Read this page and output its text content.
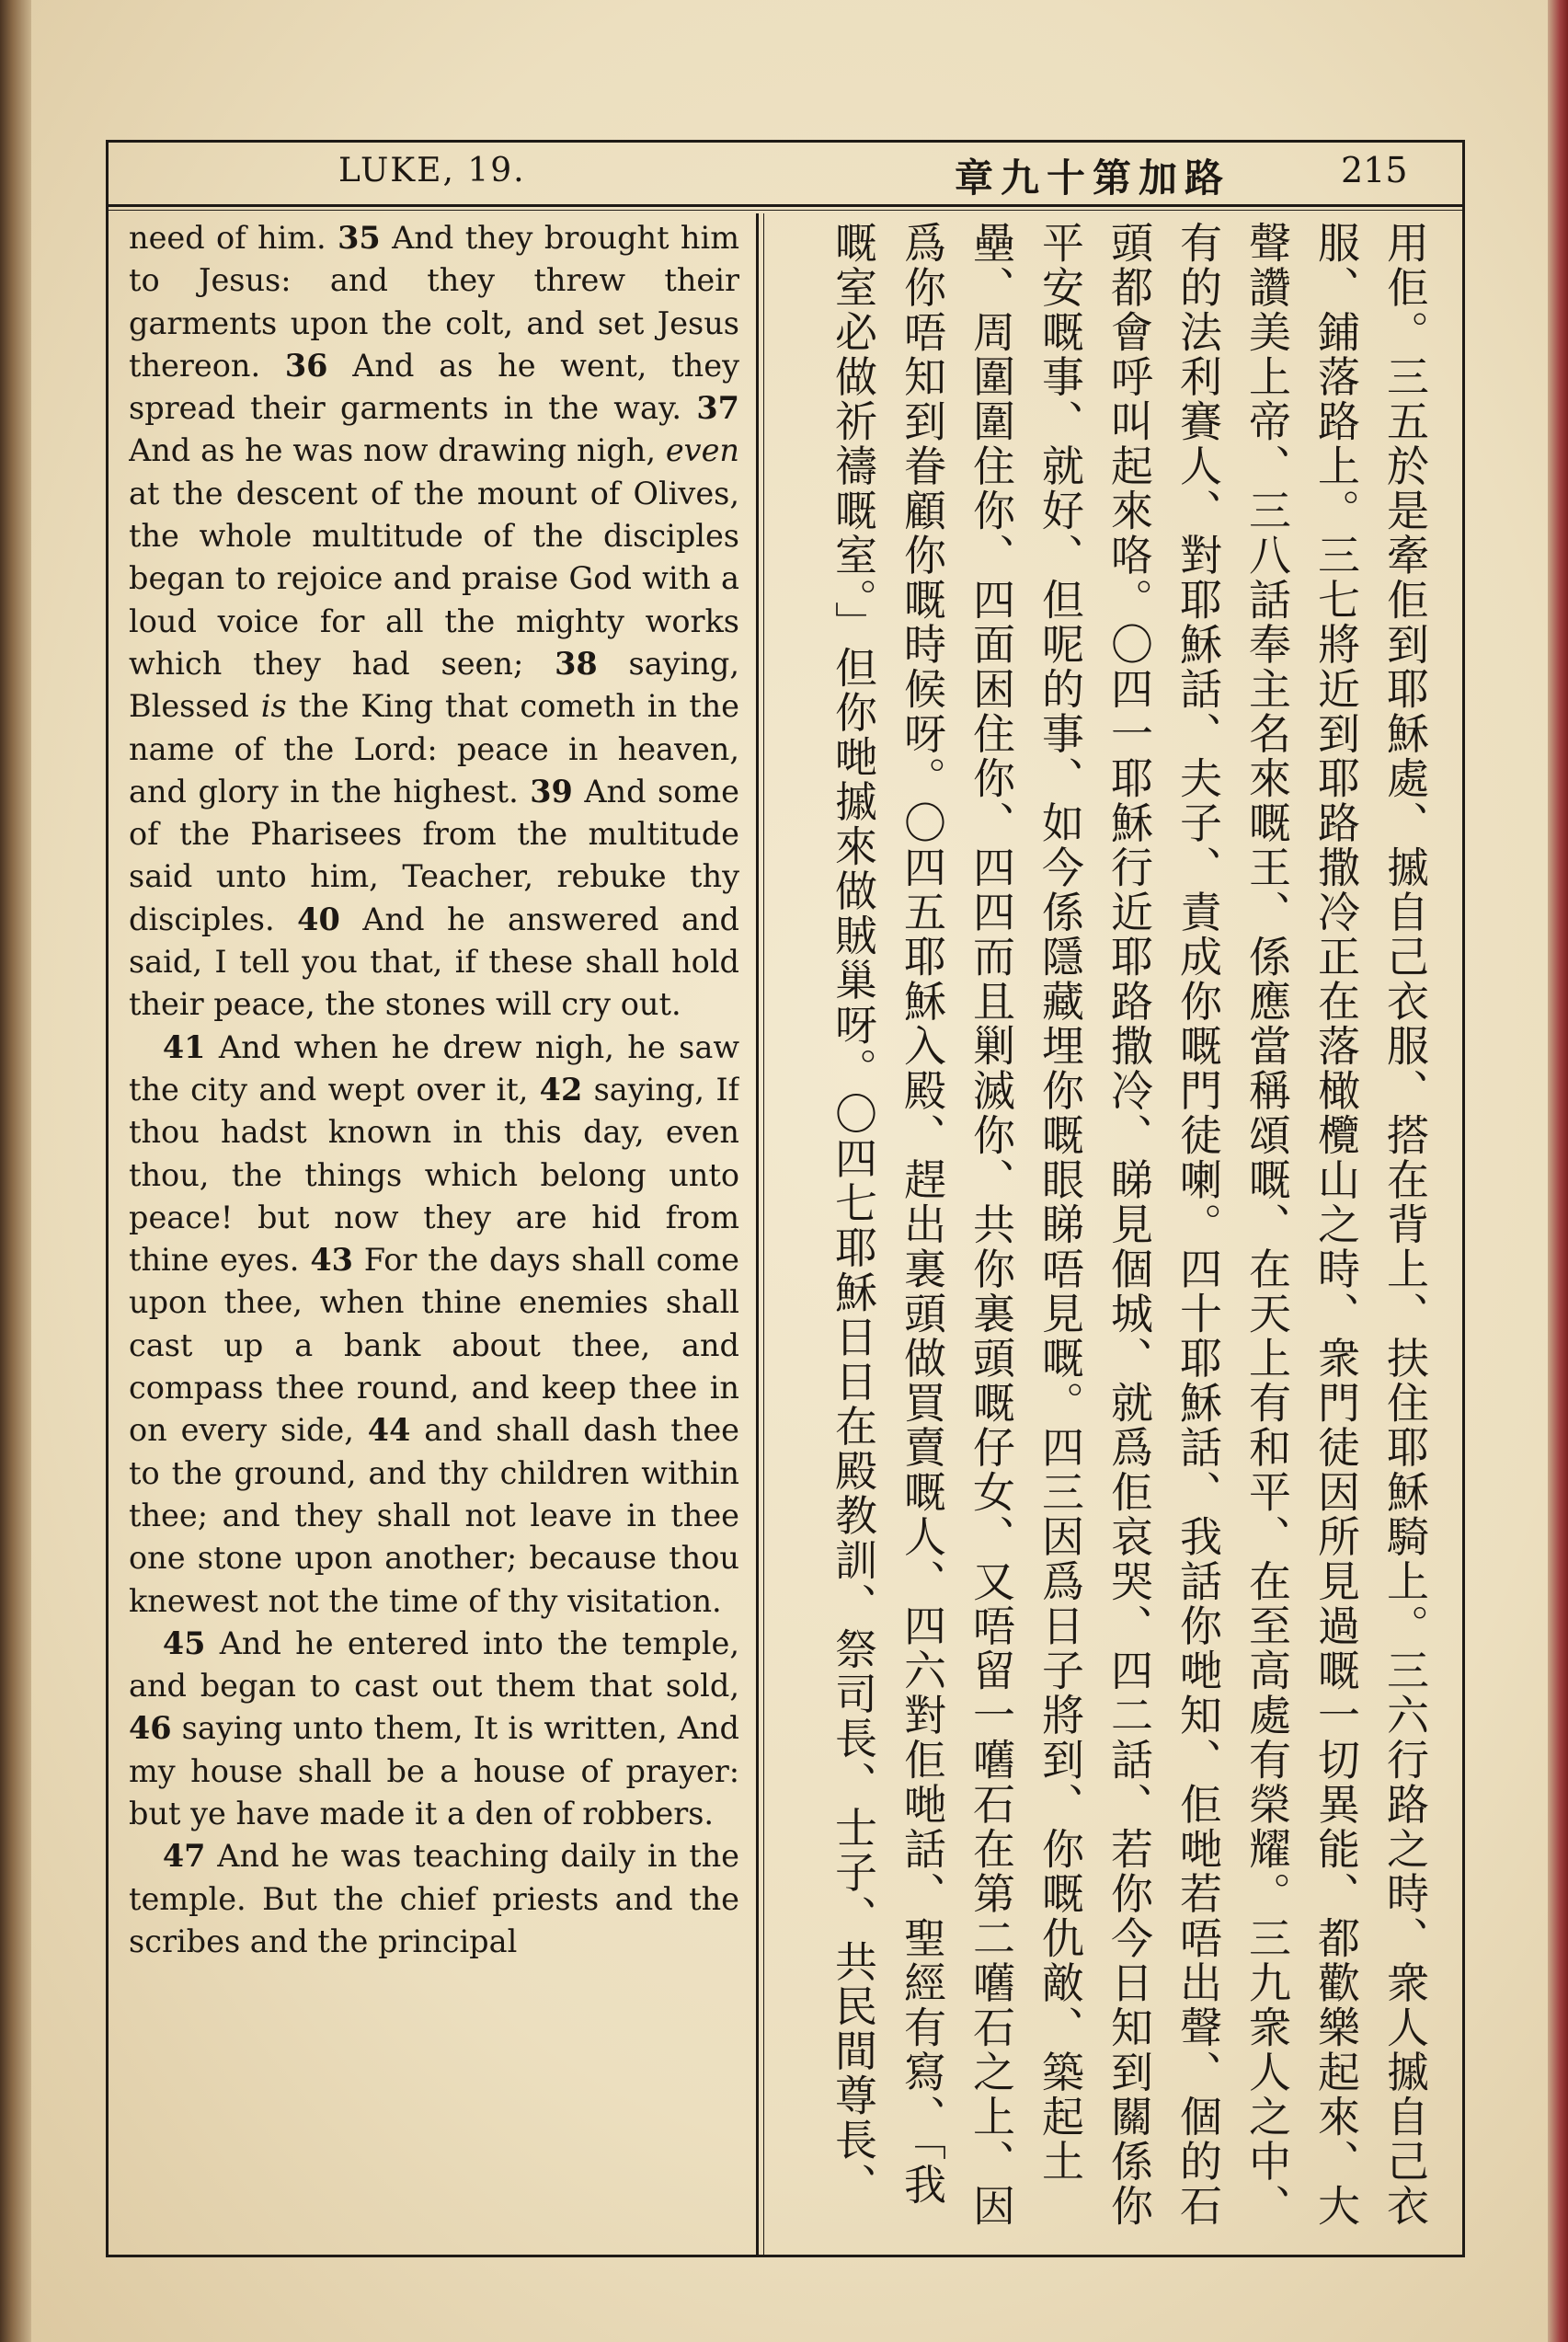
LUKE, 19.	章九十第加路	215

need of him. 35 And they brought him to Jesus: and they threw their garments upon the colt, and set Jesus thereon. 36 And as he went, they spread their garments in the way. 37 And as he was now drawing nigh, even at the descent of the mount of Olives, the whole multitude of the disciples began to rejoice and praise God with a loud voice for all the mighty works which they had seen; 38 saying, Blessed is the King that cometh in the name of the Lord: peace in heaven, and glory in the highest. 39 And some of the Pharisees from the multitude said unto him, Teacher, rebuke thy disciples. 40 And he answered and said, I tell you that, if these shall hold their peace, the stones will cry out.

41 And when he drew nigh, he saw the city and wept over it, 42 saying, If thou hadst known in this day, even thou, the things which belong unto peace! but now they are hid from thine eyes. 43 For the days shall come upon thee, when thine enemies shall cast up a bank about thee, and compass thee round, and keep thee in on every side, 44 and shall dash thee to the ground, and thy children within thee; and they shall not leave in thee one stone upon another; because thou knewest not the time of thy visitation.

45 And he entered into the temple, and began to cast out them that sold, 46 saying unto them, It is written, And my house shall be a house of prayer: but ye have made it a den of robbers.

47 And he was teaching daily in the temple. But the chief priests and the scribes and the principal	用佢。三五於是牽佢到耶穌處、摵自己衣服、搭在背上、扶住耶穌騎上。三六行路之時、衆人摵自己衣服、鋪落路上。三七將近到耶路撒冷正在落橄欖山之時、衆門徒因所見過嘅一切異能、都歡樂起來、大聲讚美上帝、三八話奉主名來嘅王、係應當稱頌嘅、在天上有和平、在至高處有榮耀。三九衆人之中、有的法利賽人、對耶穌話、夫子、責成你嘅門徒喇。四十耶穌話、我話你哋知、佢哋若唔出聲、個的石頭都會呼叫起來咯。〇四一耶穌行近耶路撒冷、睇見個城、就爲佢哀哭、四二話、若你今日知到關係你平安嘅事、就好、但呢的事、如今係隱藏埋你嘅眼睇唔見嘅。四三因爲日子將到、你嘅仇敵、築起土壘、周圍圍住你、四面困住你、四四而且剿滅你、共你裏頭嘅仔女、又唔留一嚿石在第二嚿石之上、因爲你唔知到眷顧你嘅時候呀。〇四五耶穌入殿、趕出裏頭做買賣嘅人、四六對佢哋話、聖經有寫、「我嘅室必做祈禱嘅室。」但你哋摵來做賊巢呀。〇四七耶穌日日在殿教訓、祭司長、士子、共民間尊長、
